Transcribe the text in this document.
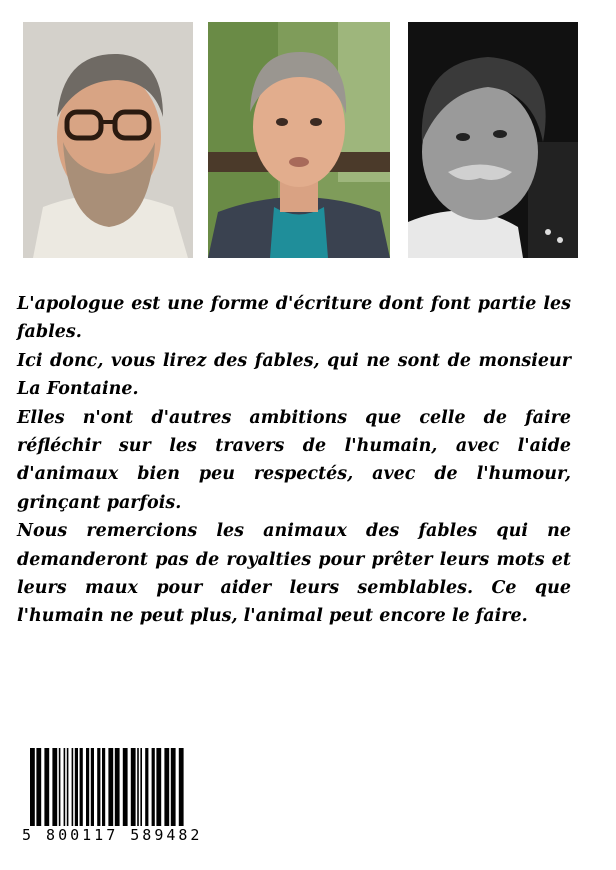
L'apologue est une forme d'écriture dont font partie les fables.

Ici donc, vous lirez des fables, qui ne sont de monsieur La Fontaine.

Elles n'ont d'autres ambitions que celle de faire réfléchir sur les travers de l'humain, avec l'aide d'animaux bien peu respectés, avec de l'humour, grinçant parfois.

Nous remercions les animaux des fables qui ne demanderont pas de royalties pour prêter leurs mots et leurs maux pour aider leurs semblables. Ce que l'humain ne peut plus, l'animal peut encore le faire.

5 800117 589482
